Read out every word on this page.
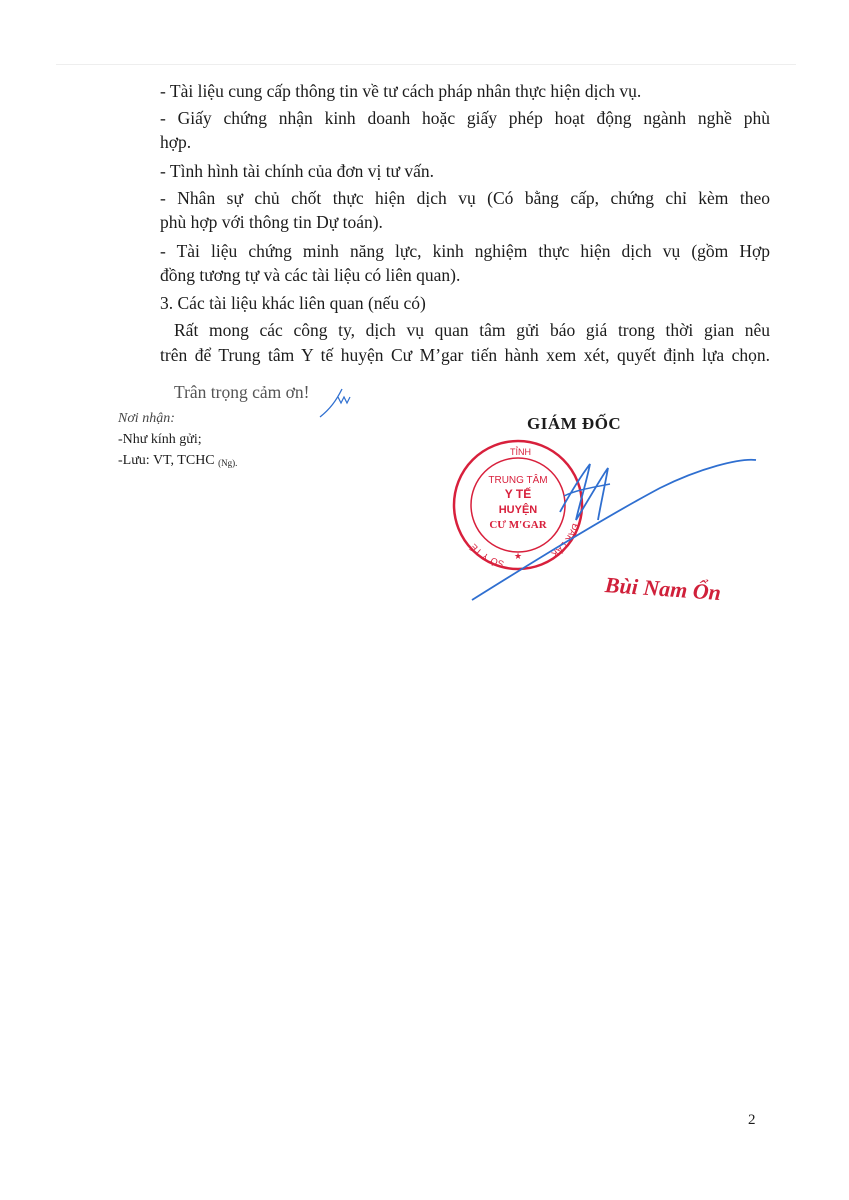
- Tài liệu cung cấp thông tin về tư cách pháp nhân thực hiện dịch vụ.
- Giấy chứng nhận kinh doanh hoặc giấy phép hoạt động ngành nghề phù
hợp.
- Tình hình tài chính của đơn vị tư vấn.
- Nhân sự chủ chốt thực hiện dịch vụ (Có bằng cấp, chứng chỉ kèm theo
phù hợp với thông tin Dự toán).
- Tài liệu chứng minh năng lực, kinh nghiệm thực hiện dịch vụ (gồm Hợp
đồng tương tự và các tài liệu có liên quan).
3. Các tài liệu khác liên quan (nếu có)
Rất mong các công ty, dịch vụ quan tâm gửi báo giá trong thời gian nêu
trên để Trung tâm Y tế huyện Cư M’gar tiến hành xem xét, quyết định lựa chọn.
Trân trọng cảm ơn!
Nơi nhận:
-Như kính gửi;
-Lưu: VT, TCHC $_{(Ng).}$
GIÁM ĐỐC
TỈNH
SỞ Y TẾ
ĐẮK LẮK
TRUNG TÂM
Y TẾ
HUYỆN
CƯ M'GAR
★
Bùi Nam Ổn
2
